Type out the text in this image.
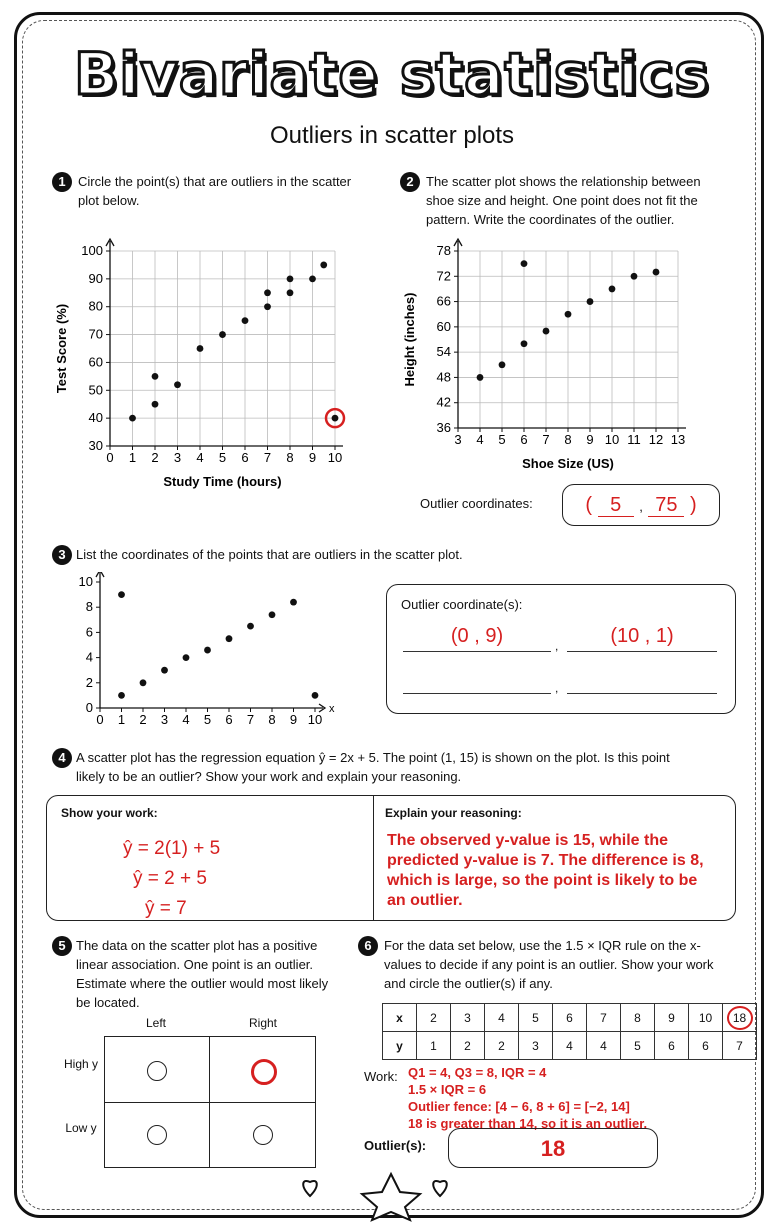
Bivariate statistics
Outliers in scatter plots
1 Circle the point(s) that are outliers in the scatter plot below.
0 1 2 3 4 5 6 7 8 9 10
30
40
50
60
70
80
90
100
Test Score (%)
Study Time (hours)
2 The scatter plot shows the relationship between shoe size and height. One point does not fit the pattern. Write the coordinates of the outlier.
3 4 5 6 7 8 9 10 11 12 13
36
42
48
54
60
66
72
78
Height (inches)
Shoe Size (US)
Outlier coordinates:	( 5 , 75 )
3 List the coordinates of the points that are outliers in the scatter plot.
0 1 2 3 4 5 6 7 8 9 10
0
2
4
6
8
10
x
Outlier coordinate(s):
(0 , 9)	,	(10 , 1)
,
4 A scatter plot has the regression equation ŷ = 2x + 5. The point (1, 15) is shown on the plot. Is this point likely to be an outlier? Show your work and explain your reasoning.
Show your work:
ŷ = 2(1) + 5
ŷ = 2 + 5
ŷ = 7
Explain your reasoning:
The observed y-value is 15, while the predicted y-value is 7. The difference is 8, which is large, so the point is likely to be an outlier.
5 The data on the scatter plot has a positive linear association. One point is an outlier. Estimate where the outlier would most likely be located.
Left	Right
High y
Low y
6 For the data set below, use the 1.5 × IQR rule on the x-values to decide if any point is an outlier. Show your work and circle the outlier(s) if any.
x	2	3	4	5	6	7	8	9	10	18
y	1	2	2	3	4	4	5	6	6	7
Work: Q1 = 4, Q3 = 8, IQR = 4
1.5 × IQR = 6
Outlier fence: [4 − 6, 8 + 6] = [−2, 14]
18 is greater than 14, so it is an outlier.
Outlier(s):	18
